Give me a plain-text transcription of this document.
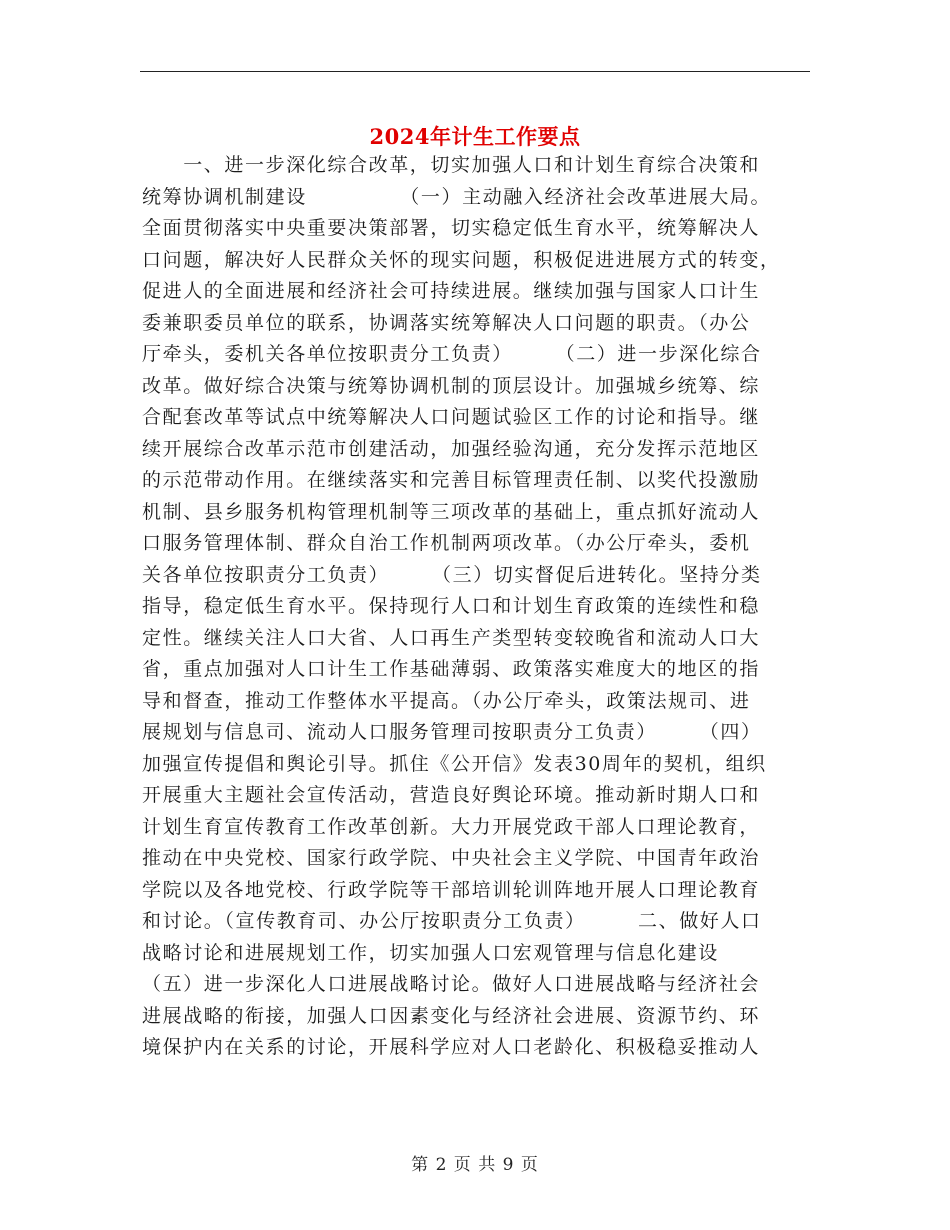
2024年计生工作要点
　　一、进一步深化综合改革，切实加强人口和计划生育综合决策和
统筹协调机制建设　　　　　（一）主动融入经济社会改革进展大局。
全面贯彻落实中央重要决策部署，切实稳定低生育水平，统筹解决人
口问题，解决好人民群众关怀的现实问题，积极促进进展方式的转变，
促进人的全面进展和经济社会可持续进展。继续加强与国家人口计生
委兼职委员单位的联系，协调落实统筹解决人口问题的职责。（办公
厅牵头，委机关各单位按职责分工负责）　　　（二）进一步深化综合
改革。做好综合决策与统筹协调机制的顶层设计。加强城乡统筹、综
合配套改革等试点中统筹解决人口问题试验区工作的讨论和指导。继
续开展综合改革示范市创建活动，加强经验沟通，充分发挥示范地区
的示范带动作用。在继续落实和完善目标管理责任制、以奖代投激励
机制、县乡服务机构管理机制等三项改革的基础上，重点抓好流动人
口服务管理体制、群众自治工作机制两项改革。（办公厅牵头，委机
关各单位按职责分工负责）　　　（三）切实督促后进转化。坚持分类
指导，稳定低生育水平。保持现行人口和计划生育政策的连续性和稳
定性。继续关注人口大省、人口再生产类型转变较晚省和流动人口大
省，重点加强对人口计生工作基础薄弱、政策落实难度大的地区的指
导和督查，推动工作整体水平提高。（办公厅牵头，政策法规司、进
展规划与信息司、流动人口服务管理司按职责分工负责）　　　（四）
加强宣传提倡和舆论引导。抓住《公开信》发表30周年的契机，组织
开展重大主题社会宣传活动，营造良好舆论环境。推动新时期人口和
计划生育宣传教育工作改革创新。大力开展党政干部人口理论教育，
推动在中央党校、国家行政学院、中央社会主义学院、中国青年政治
学院以及各地党校、行政学院等干部培训轮训阵地开展人口理论教育
和讨论。（宣传教育司、办公厅按职责分工负责）　　　二、做好人口
战略讨论和进展规划工作，切实加强人口宏观管理与信息化建设
（五）进一步深化人口进展战略讨论。做好人口进展战略与经济社会
进展战略的衔接，加强人口因素变化与经济社会进展、资源节约、环
境保护内在关系的讨论，开展科学应对人口老龄化、积极稳妥推动人
第 2 页 共 9 页
